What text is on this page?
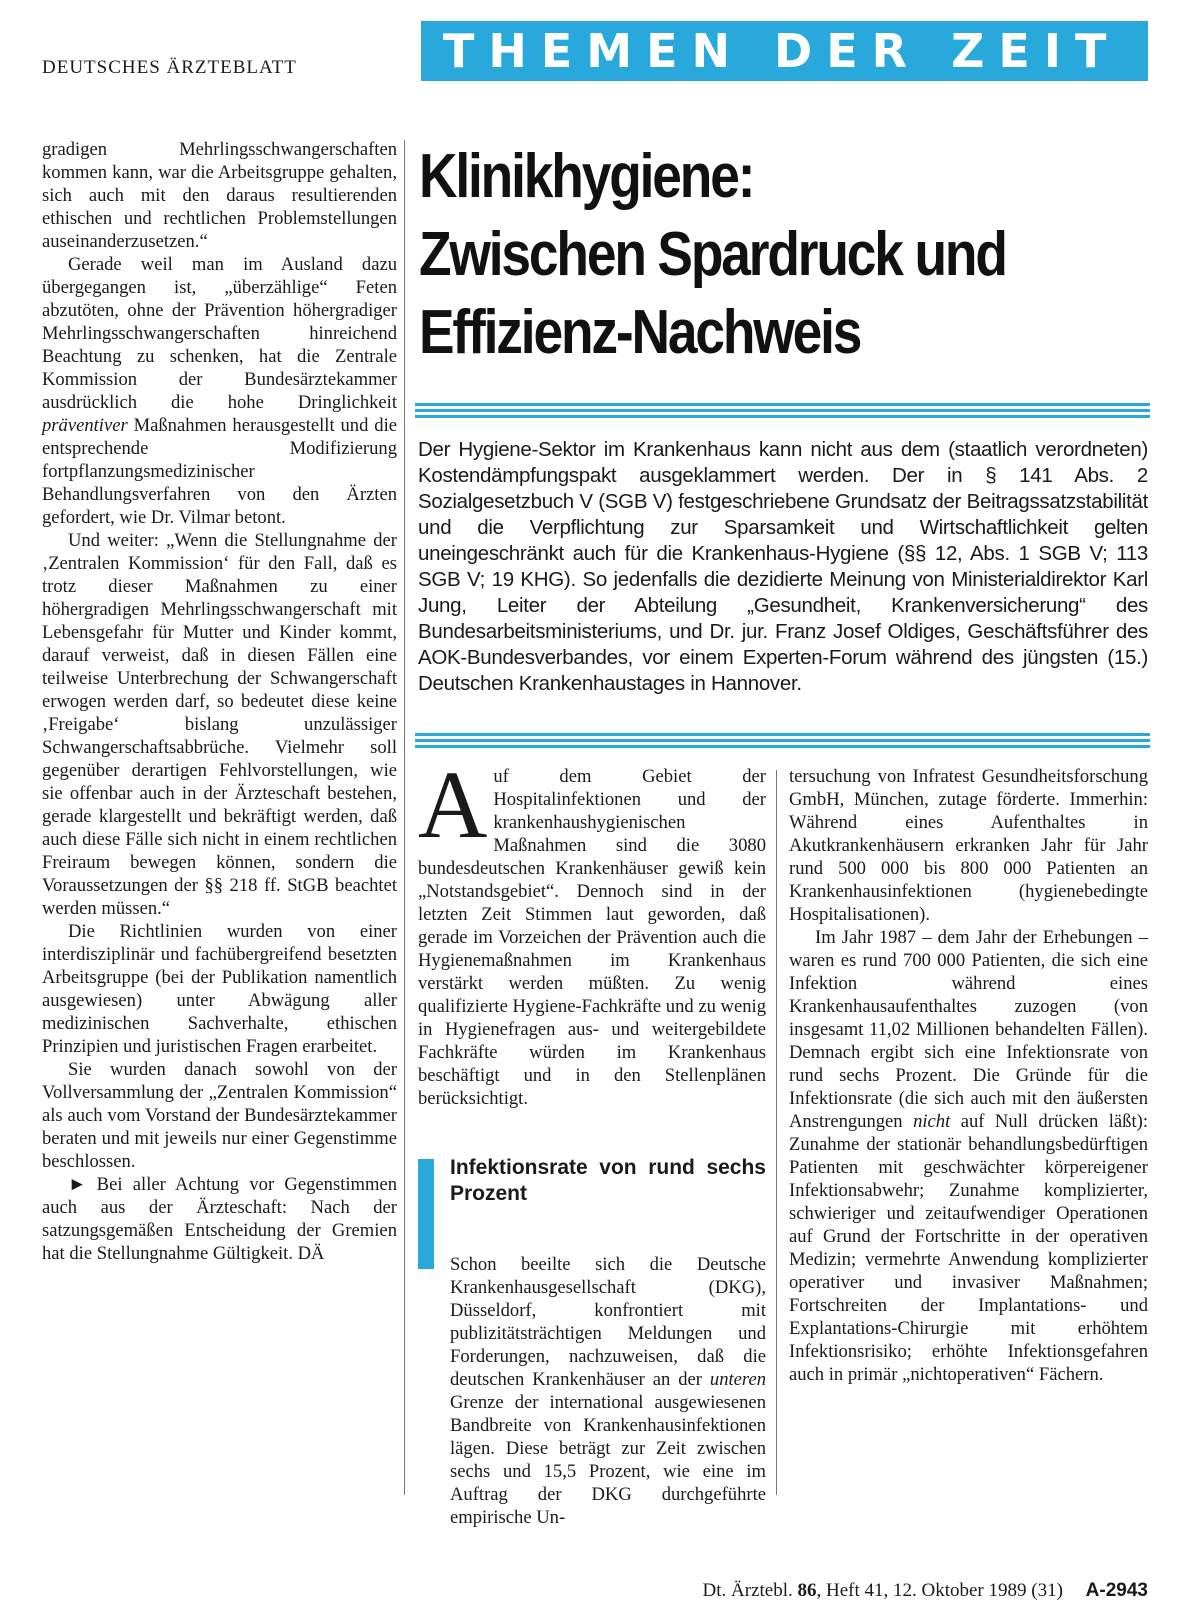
DEUTSCHES ÄRZTEBLATT	THEMEN DER ZEIT

gradigen Mehrlingsschwangerschaften kommen kann, war die Arbeitsgruppe gehalten, sich auch mit den daraus resultierenden ethischen und rechtlichen Problemstellungen auseinanderzusetzen.“

Gerade weil man im Ausland dazu übergegangen ist, „überzählige“ Feten abzutöten, ohne der Prävention höhergradiger Mehrlingsschwangerschaften hinreichend Beachtung zu schenken, hat die Zentrale Kommission der Bundesärztekammer ausdrücklich die hohe Dringlichkeit präventiver Maßnahmen herausgestellt und die entsprechende Modifizierung fortpflanzungsmedizinischer Behandlungsverfahren von den Ärzten gefordert, wie Dr. Vilmar betont.

Und weiter: „Wenn die Stellungnahme der ‚Zentralen Kommission‘ für den Fall, daß es trotz dieser Maßnahmen zu einer höhergradigen Mehrlingsschwangerschaft mit Lebensgefahr für Mutter und Kinder kommt, darauf verweist, daß in diesen Fällen eine teilweise Unterbrechung der Schwangerschaft erwogen werden darf, so bedeutet diese keine ‚Freigabe‘ bislang unzulässiger Schwangerschaftsabbrüche. Vielmehr soll gegenüber derartigen Fehlvorstellungen, wie sie offenbar auch in der Ärzteschaft bestehen, gerade klargestellt und bekräftigt werden, daß auch diese Fälle sich nicht in einem rechtlichen Freiraum bewegen können, sondern die Voraussetzungen der §§ 218 ff. StGB beachtet werden müssen.“

Die Richtlinien wurden von einer interdisziplinär und fachübergreifend besetzten Arbeitsgruppe (bei der Publikation namentlich ausgewiesen) unter Abwägung aller medizinischen Sachverhalte, ethischen Prinzipien und juristischen Fragen erarbeitet.

Sie wurden danach sowohl von der Vollversammlung der „Zentralen Kommission“ als auch vom Vorstand der Bundesärztekammer beraten und mit jeweils nur einer Gegenstimme beschlossen.

► Bei aller Achtung vor Gegenstimmen auch aus der Ärzteschaft: Nach der satzungsgemäßen Entscheidung der Gremien hat die Stellungnahme Gültigkeit. DÄ

Klinikhygiene:
Zwischen Spardruck und
Effizienz-Nachweis
Der Hygiene-Sektor im Krankenhaus kann nicht aus dem (staatlich verordneten) Kostendämpfungspakt ausgeklammert werden. Der in § 141 Abs. 2 Sozialgesetzbuch V (SGB V) festgeschriebene Grundsatz der Beitragssatzstabilität und die Verpflichtung zur Sparsamkeit und Wirtschaftlichkeit gelten uneingeschränkt auch für die Krankenhaus-Hygiene (§§ 12, Abs. 1 SGB V; 113 SGB V; 19 KHG). So jedenfalls die dezidierte Meinung von Ministerialdirektor Karl Jung, Leiter der Abteilung „Gesundheit, Krankenversicherung“ des Bundesarbeitsministeriums, und Dr. jur. Franz Josef Oldiges, Geschäftsführer des AOK-Bundesverbandes, vor einem Experten-Forum während des jüngsten (15.) Deutschen Krankenhaustages in Hannover.

Auf dem Gebiet der Hospitalinfektionen und der krankenhaushygienischen Maßnahmen sind die 3080 bundesdeutschen Krankenhäuser gewiß kein „Notstandsgebiet“. Dennoch sind in der letzten Zeit Stimmen laut geworden, daß gerade im Vorzeichen der Prävention auch die Hygienemaßnahmen im Krankenhaus verstärkt werden müßten. Zu wenig qualifizierte Hygiene-Fachkräfte und zu wenig in Hygienefragen aus- und weitergebildete Fachkräfte würden im Krankenhaus beschäftigt und in den Stellenplänen berücksichtigt.

Infektionsrate von rund sechs Prozent

Schon beeilte sich die Deutsche Krankenhausgesellschaft (DKG), Düsseldorf, konfrontiert mit publizitätsträchtigen Meldungen und Forderungen, nachzuweisen, daß die deutschen Krankenhäuser an der unteren Grenze der international ausgewiesenen Bandbreite von Krankenhausinfektionen lägen. Diese beträgt zur Zeit zwischen sechs und 15,5 Prozent, wie eine im Auftrag der DKG durchgeführte empirische Un-

tersuchung von Infratest Gesundheitsforschung GmbH, München, zutage förderte. Immerhin: Während eines Aufenthaltes in Akutkrankenhäusern erkranken Jahr für Jahr rund 500 000 bis 800 000 Patienten an Krankenhausinfektionen (hygienebedingte Hospitalisationen).

Im Jahr 1987 – dem Jahr der Erhebungen – waren es rund 700 000 Patienten, die sich eine Infektion während eines Krankenhausaufenthaltes zuzogen (von insgesamt 11,02 Millionen behandelten Fällen). Demnach ergibt sich eine Infektionsrate von rund sechs Prozent. Die Gründe für die Infektionsrate (die sich auch mit den äußersten Anstrengungen nicht auf Null drücken läßt): Zunahme der stationär behandlungsbedürftigen Patienten mit geschwächter körpereigener Infektionsabwehr; Zunahme komplizierter, schwieriger und zeitaufwendiger Operationen auf Grund der Fortschritte in der operativen Medizin; vermehrte Anwendung komplizierter operativer und invasiver Maßnahmen; Fortschreiten der Implantations- und Explantations-Chirurgie mit erhöhtem Infektionsrisiko; erhöhte Infektionsgefahren auch in primär „nichtoperativen“ Fächern.

Dt. Ärztebl. 86, Heft 41, 12. Oktober 1989 (31) A-2943
